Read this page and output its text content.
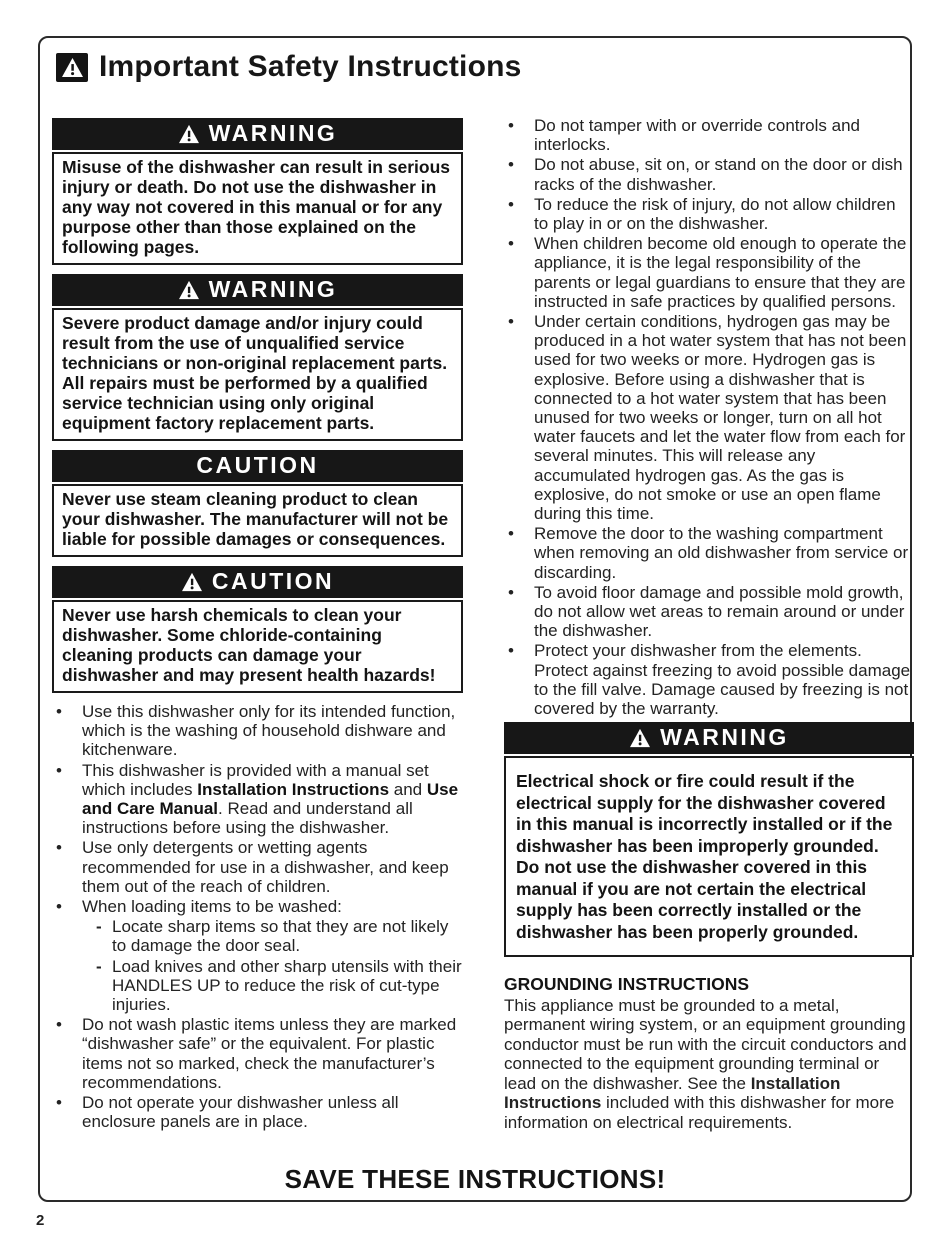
Important Safety Instructions
WARNING
Misuse of the dishwasher can result in serious injury or death. Do not use the dishwasher in any way not covered in this manual or for any purpose other than those explained on the following pages.
WARNING
Severe product damage and/or injury could result from the use of unqualified service technicians or non-original replacement parts. All repairs must be performed by a qualified service technician using only original equipment factory replacement parts.
CAUTION
Never use steam cleaning product to clean your dishwasher. The manufacturer will not be liable for possible damages or consequences.
CAUTION
Never use harsh chemicals to clean your dishwasher. Some chloride-containing cleaning products can damage your dishwasher and may present health hazards!
•	Use this dishwasher only for its intended function, which is the washing of household dishware and kitchenware.
•	This dishwasher is provided with a manual set which includes Installation Instructions and Use and Care Manual. Read and understand all instructions before using the dishwasher.
•	Use only detergents or wetting agents recommended for use in a dishwasher, and keep them out of the reach of children.
•	When loading items to be washed:
- Locate sharp items so that they are not likely to damage the door seal.
- Load knives and other sharp utensils with their HANDLES UP to reduce the risk of cut-type injuries.
•	Do not wash plastic items unless they are marked “dishwasher safe” or the equivalent. For plastic items not so marked, check the manufacturer’s recommendations.
•	Do not operate your dishwasher unless all enclosure panels are in place.
•	Do not tamper with or override controls and interlocks.
•	Do not abuse, sit on, or stand on the door or dish racks of the dishwasher.
•	To reduce the risk of injury, do not allow children to play in or on the dishwasher.
•	When children become old enough to operate the appliance, it is the legal responsibility of the parents or legal guardians to ensure that they are instructed in safe practices by qualified persons.
•	Under certain conditions, hydrogen gas may be produced in a hot water system that has not been used for two weeks or more. Hydrogen gas is explosive. Before using a dishwasher that is connected to a hot water system that has been unused for two weeks or longer, turn on all hot water faucets and let the water flow from each for several minutes. This will release any accumulated hydrogen gas. As the gas is explosive, do not smoke or use an open flame during this time.
•	Remove the door to the washing compartment when removing an old dishwasher from service or discarding.
•	To avoid floor damage and possible mold growth, do not allow wet areas to remain around or under the dishwasher.
•	Protect your dishwasher from the elements. Protect against freezing to avoid possible damage to the fill valve. Damage caused by freezing is not covered by the warranty.
WARNING
Electrical shock or fire could result if the electrical supply for the dishwasher covered in this manual is incorrectly installed or if the dishwasher has been improperly grounded. Do not use the dishwasher covered in this manual if you are not certain the electrical supply has been correctly installed or the dishwasher has been properly grounded.
GROUNDING INSTRUCTIONS
This appliance must be grounded to a metal, permanent wiring system, or an equipment grounding conductor must be run with the circuit conductors and connected to the equipment grounding terminal or lead on the dishwasher. See the Installation Instructions included with this dishwasher for more information on electrical requirements.
SAVE THESE INSTRUCTIONS!
2
